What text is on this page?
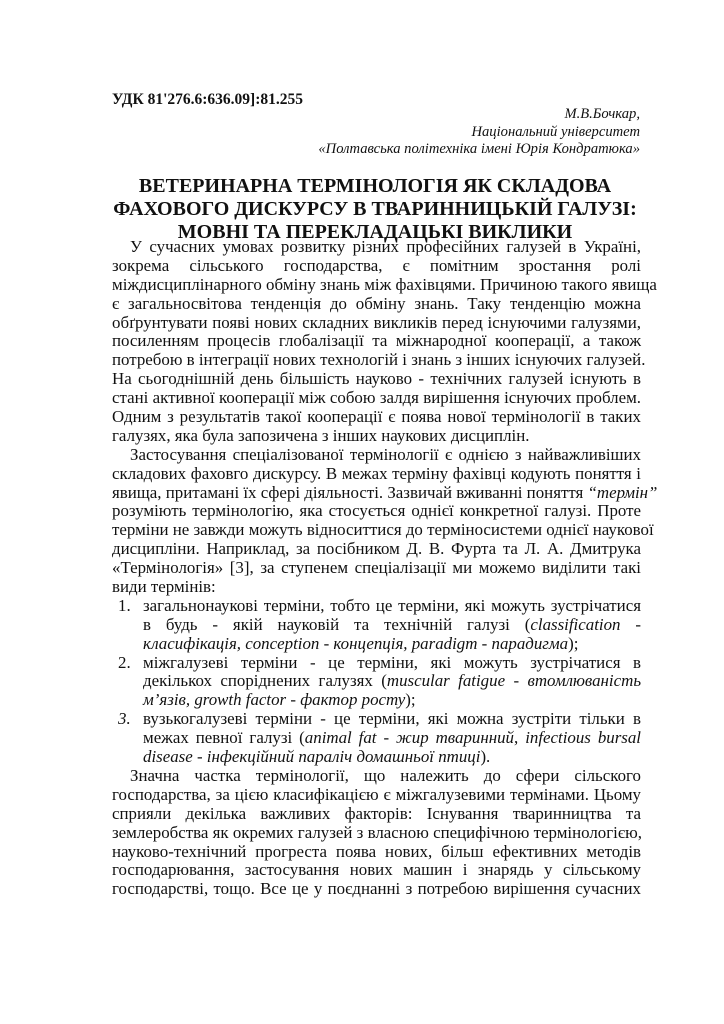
УДК 81'276.6:636.09]:81.255
М.В.Бочкар,
Національний університет
«Полтавська політехніка імені Юрія Кондратюка»
ВЕТЕРИНАРНА ТЕРМІНОЛОГІЯ ЯК СКЛАДОВА
ФАХОВОГО ДИСКУРСУ В ТВАРИННИЦЬКІЙ ГАЛУЗІ:
МОВНІ ТА ПЕРЕКЛАДАЦЬКІ ВИКЛИКИ
У сучасних умовах розвитку різних професійних галузей в Україні,
зокрема сільського господарства, є помітним зростання ролі
міждисциплінарного обміну знань між фахівцями. Причиною такого явища
є загальносвітова тенденція до обміну знань. Таку тенденцію можна
обґрунтувати появі нових складних викликів перед існуючими галузями,
посиленням процесів глобалізації та міжнародної кооперації, а також
потребою в інтеграції нових технологій і знань з інших існуючих галузей.
На сьогоднішній день більшість науково - технічних галузей існують в
стані активної кооперації між собою залдя вирішення існуючих проблем.
Одним з результатів такої кооперації є поява нової термінології в таких
галузях, яка була запозичена з інших наукових дисциплін.
Застосування спеціалізованої термінології є однією з найважливіших
складових фаховго дискурсу. В межах терміну фахівці кодують поняття і
явища, притамані їх сфері діяльності. Зазвичай вживанні поняття “термін”
розуміють термінологію, яка стосується однієї конкретної галузі. Проте
терміни не завжди можуть відноситтися до терміносистеми однієї наукової
дисципліни. Наприклад, за посібником Д. В. Фурта та Л. А. Дмитрука
«Термінологія» [3], за ступенем спеціалізації ми можемо виділити такі
види термінів:
1. загальнонаукові терміни, тобто це терміни, які можуть зустрічатися
в будь - якій науковій та технічній галузі (classification -
класифікація, conception - концепція, paradigm - парадигма);
2. міжгалузеві терміни - це терміни, які можуть зустрічатися в
декількох споріднених галузях (muscular fatigue - втомлюваність
м’язів, growth factor - фактор росту);
3. вузькогалузеві терміни - це терміни, які можна зустріти тільки в
межах певної галузі (animal fat - жир тваринний, infectious bursal
disease - інфекційний параліч домашньої птиці).
Значна частка термінології, що належить до сфери сільского
господарства, за цією класифікацією є міжгалузевими термінами. Цьому
сприяли декілька важливих факторів: Існування тваринництва та
землеробства як окремих галузей з власною специфічною термінологією,
науково-технічний прогреста поява нових, більш ефективних методів
господарювання, застосування нових машин і знарядь у сільському
господарстві, тощо. Все це у поєднанні з потребою вирішення сучасних
